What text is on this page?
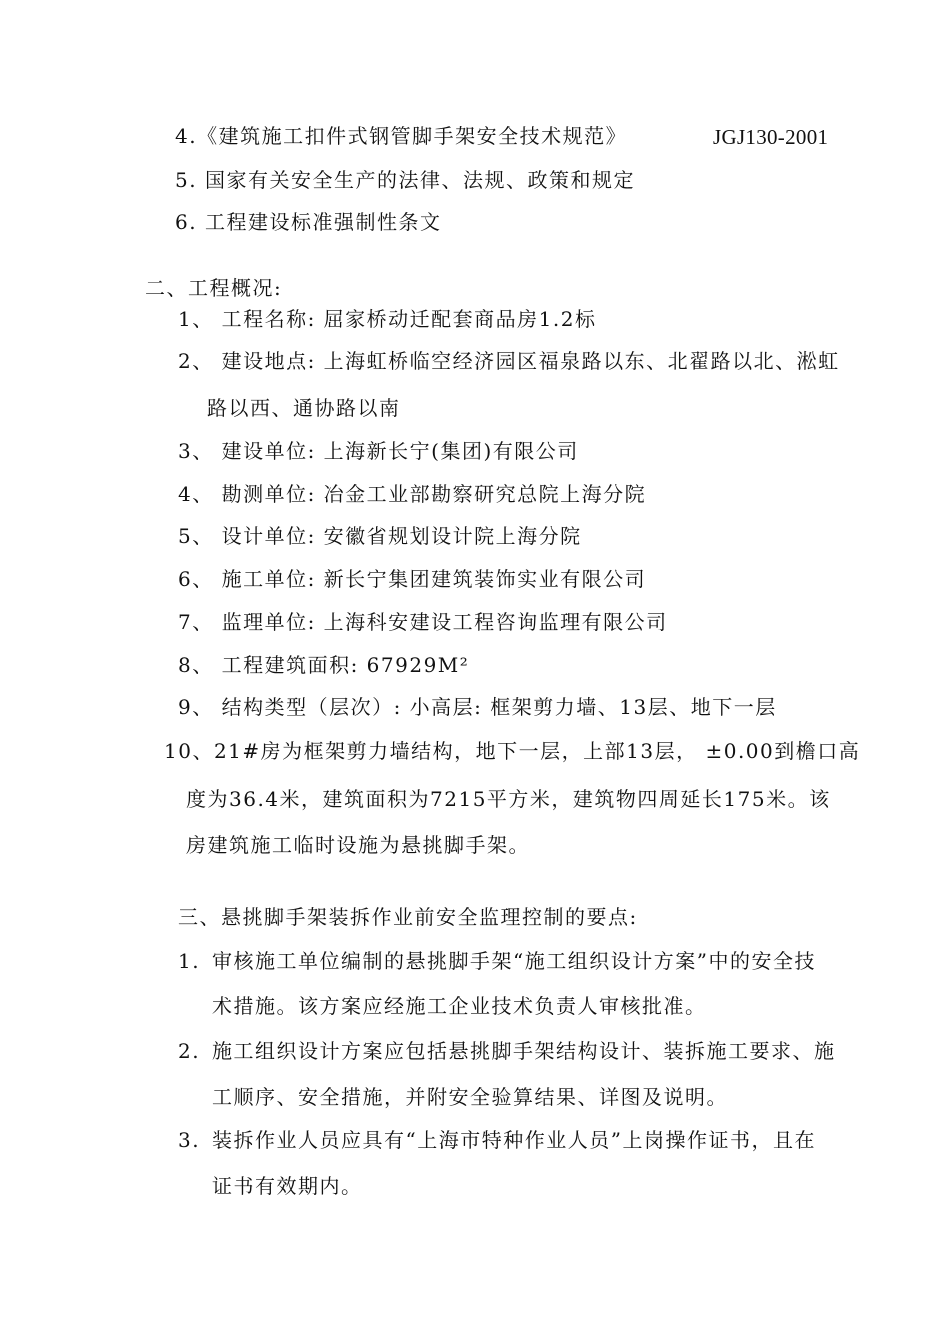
4.《建筑施工扣件式钢管脚手架安全技术规范》	JGJ130-2001
5. 国家有关安全生产的法律、法规、政策和规定
6. 工程建设标准强制性条文
二、工程概况:
1、 工程名称: 屈家桥动迁配套商品房1.2标
2、 建设地点: 上海虹桥临空经济园区福泉路以东、北翟路以北、淞虹
路以西、通协路以南
3、 建设单位: 上海新长宁(集团)有限公司
4、 勘测单位: 冶金工业部勘察研究总院上海分院
5、 设计单位: 安徽省规划设计院上海分院
6、 施工单位: 新长宁集团建筑装饰实业有限公司
7、 监理单位: 上海科安建设工程咨询监理有限公司
8、 工程建筑面积: 67929M²
9、 结构类型（层次）: 小高层: 框架剪力墙、13层、地下一层
10、21#房为框架剪力墙结构，地下一层，上部13层， ±0.00到檐口高
度为36.4米，建筑面积为7215平方米，建筑物四周延长175米。该
房建筑施工临时设施为悬挑脚手架。
三、悬挑脚手架装拆作业前安全监理控制的要点:
1. 审核施工单位编制的悬挑脚手架“施工组织设计方案”中的安全技
术措施。该方案应经施工企业技术负责人审核批准。
2. 施工组织设计方案应包括悬挑脚手架结构设计、装拆施工要求、施
工顺序、安全措施，并附安全验算结果、详图及说明。
3. 装拆作业人员应具有“上海市特种作业人员”上岗操作证书，且在
证书有效期内。
